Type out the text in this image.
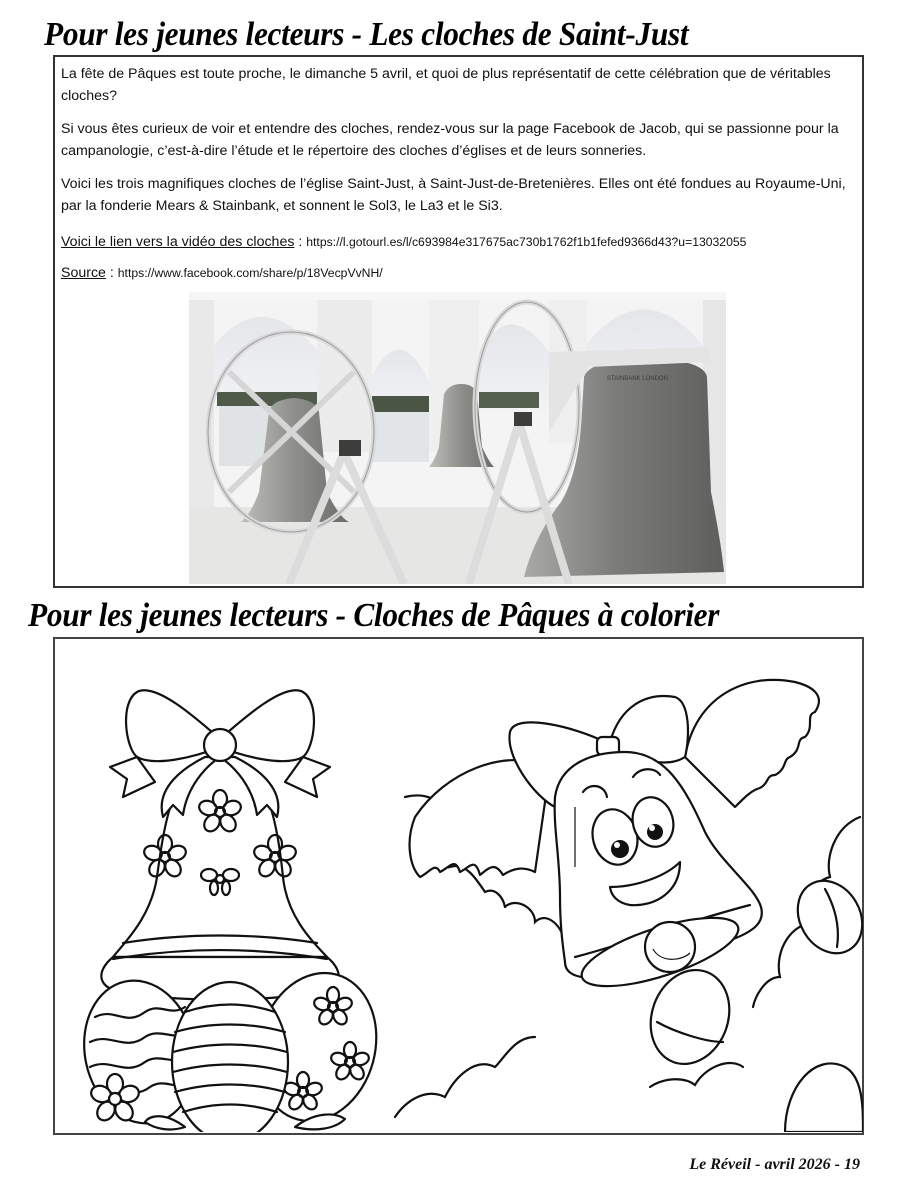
Pour les jeunes lecteurs - Les cloches de Saint-Just

La fête de Pâques est toute proche, le dimanche 5 avril, et quoi de plus représentatif de cette célébration que de véritables cloches?

Si vous êtes curieux de voir et entendre des cloches, rendez-vous sur la page Facebook de Jacob, qui se passionne pour la campanologie, c’est-à-dire l’étude et le répertoire des cloches d’églises et de leurs sonneries.

Voici les trois magnifiques cloches de l’église Saint-Just, à Saint-Just-de-Bretenières. Elles ont été fondues au Royaume-Uni, par la fonderie Mears & Stainbank, et sonnent le Sol3, le La3 et le Si3.

Voici le lien vers la vidéo des cloches : https://l.gotourl.es/l/c693984e317675ac730b1762f1b1fefed9366d43?u=13032055
Source : https://www.facebook.com/share/p/18VecpVvNH/
STAINBANK LONDON
Pour les jeunes lecteurs - Cloches de Pâques à colorier
Le Réveil - avril 2026 - 19
